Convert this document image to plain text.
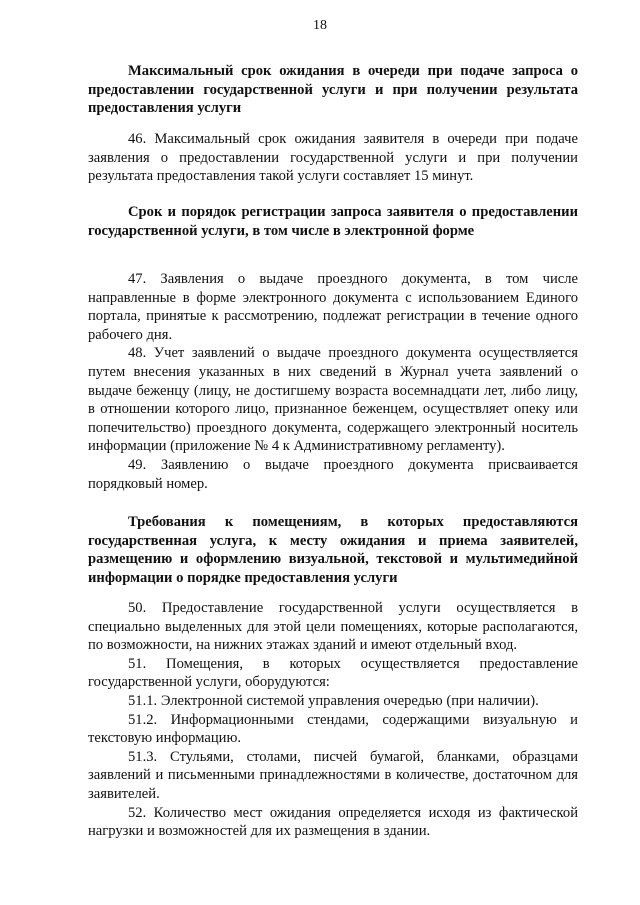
18

Максимальный срок ожидания в очереди при подаче запроса о предоставлении государственной услуги и при получении результата предоставления услуги

46. Максимальный срок ожидания заявителя в очереди при подаче заявления о предоставлении государственной услуги и при получении результата предоставления такой услуги составляет 15 минут.

Срок и порядок регистрации запроса заявителя о предоставлении государственной услуги, в том числе в электронной форме

47. Заявления о выдаче проездного документа, в том числе направленные в форме электронного документа с использованием Единого портала, принятые к рассмотрению, подлежат регистрации в течение одного рабочего дня.

48. Учет заявлений о выдаче проездного документа осуществляется путем внесения указанных в них сведений в Журнал учета заявлений о выдаче беженцу (лицу, не достигшему возраста восемнадцати лет, либо лицу, в отношении которого лицо, признанное беженцем, осуществляет опеку или попечительство) проездного документа, содержащего электронный носитель информации (приложение № 4 к Административному регламенту).

49. Заявлению о выдаче проездного документа присваивается порядковый номер.

Требования к помещениям, в которых предоставляются государственная услуга, к месту ожидания и приема заявителей, размещению и оформлению визуальной, текстовой и мультимедийной информации о порядке предоставления услуги

50. Предоставление государственной услуги осуществляется в специально выделенных для этой цели помещениях, которые располагаются, по возможности, на нижних этажах зданий и имеют отдельный вход.

51. Помещения, в которых осуществляется предоставление государственной услуги, оборудуются:

51.1. Электронной системой управления очередью (при наличии).

51.2. Информационными стендами, содержащими визуальную и текстовую информацию.

51.3. Стульями, столами, писчей бумагой, бланками, образцами заявлений и письменными принадлежностями в количестве, достаточном для заявителей.

52. Количество мест ожидания определяется исходя из фактической нагрузки и возможностей для их размещения в здании.
